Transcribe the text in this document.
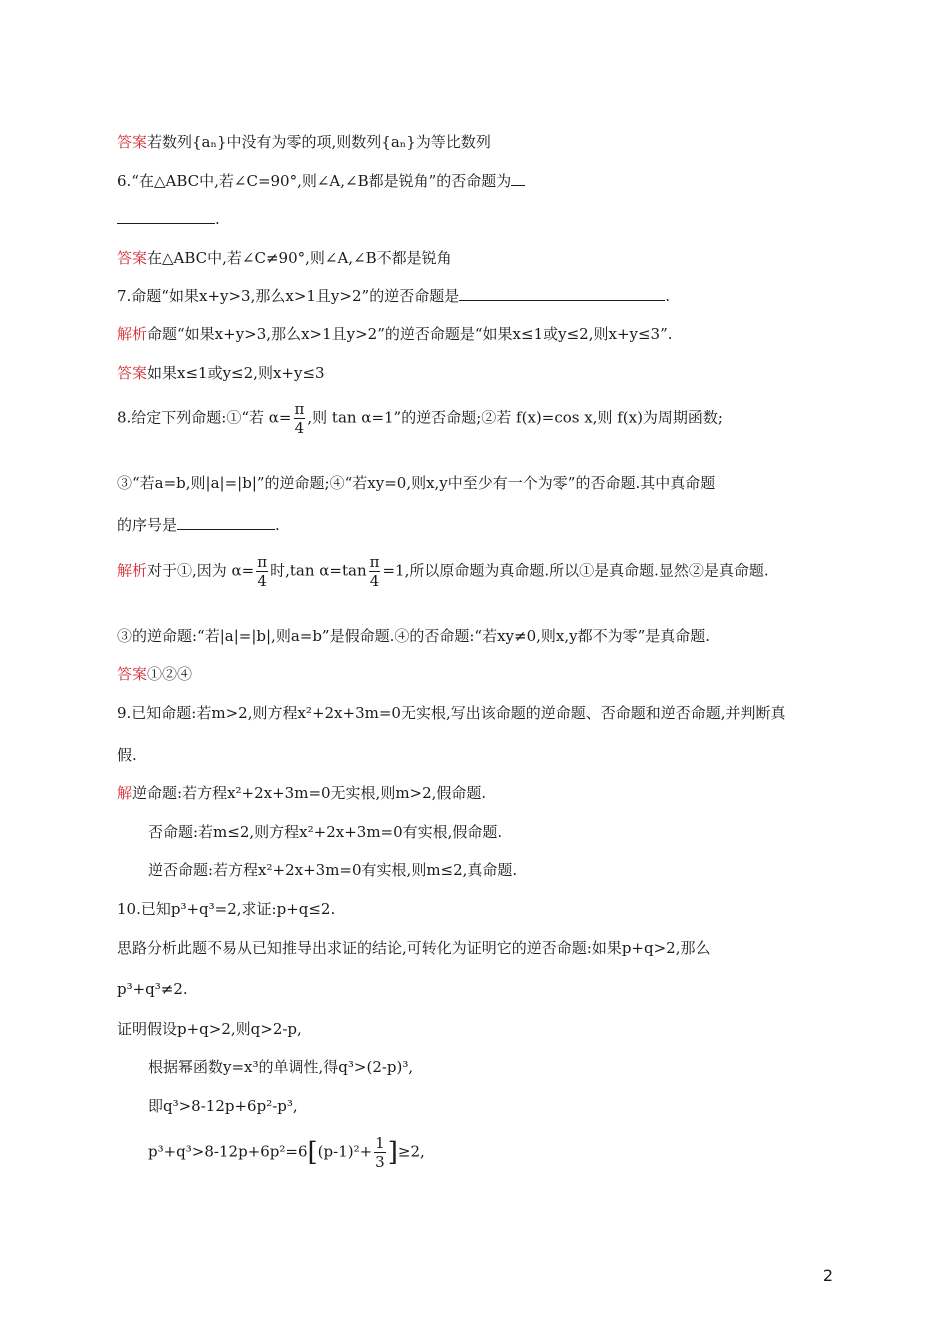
答案若数列{aₙ}中没有为零的项,则数列{aₙ}为等比数列
6.“在△ABC中,若∠C=90°,则∠A,∠B都是锐角”的否命题为
.
答案在△ABC中,若∠C≠90°,则∠A,∠B不都是锐角
7.命题“如果x+y>3,那么x>1且y>2”的逆否命题是	.
解析命题“如果x+y>3,那么x>1且y>2”的逆否命题是“如果x≤1或y≤2,则x+y≤3”.
答案如果x≤1或y≤2,则x+y≤3
8.给定下列命题:①“若 $\alpha= \frac{\pi}{4}$ ,则 tan α=1”的逆否命题;②若 f(x)=cos x,则 f(x)为周期函数;
③“若a=b,则|a|=|b|”的逆命题;④“若xy=0,则x,y中至少有一个为零”的否命题.其中真命题
的序号是	.
解析对于①,因为 $\alpha= \frac{\pi}{4}$ 时,tan $\alpha=\tan \frac{\pi}{4} =1$,所以原命题为真命题.所以①是真命题.显然②是真命题.
③的逆命题:“若|a|=|b|,则a=b”是假命题.④的否命题:“若xy≠0,则x,y都不为零”是真命题.
答案①②④
9.已知命题:若m>2,则方程x²+2x+3m=0无实根,写出该命题的逆命题、否命题和逆否命题,并判断真
假.
解逆命题:若方程x²+2x+3m=0无实根,则m>2,假命题.
否命题:若m≤2,则方程x²+2x+3m=0有实根,假命题.
逆否命题:若方程x²+2x+3m=0有实根,则m≤2,真命题.
10.已知p³+q³=2,求证:p+q≤2.
思路分析此题不易从已知推导出求证的结论,可转化为证明它的逆否命题:如果p+q>2,那么
p³+q³≠2.
证明假设p+q>2,则q>2-p,
根据幂函数y=x³的单调性,得q³>(2-p)³,
即q³>8-12p+6p²-p³,
$p^3+q^3>8-12p+6p^2=6[(p-1)^2+ \frac{1}{3} ]\ge 2$,
2
